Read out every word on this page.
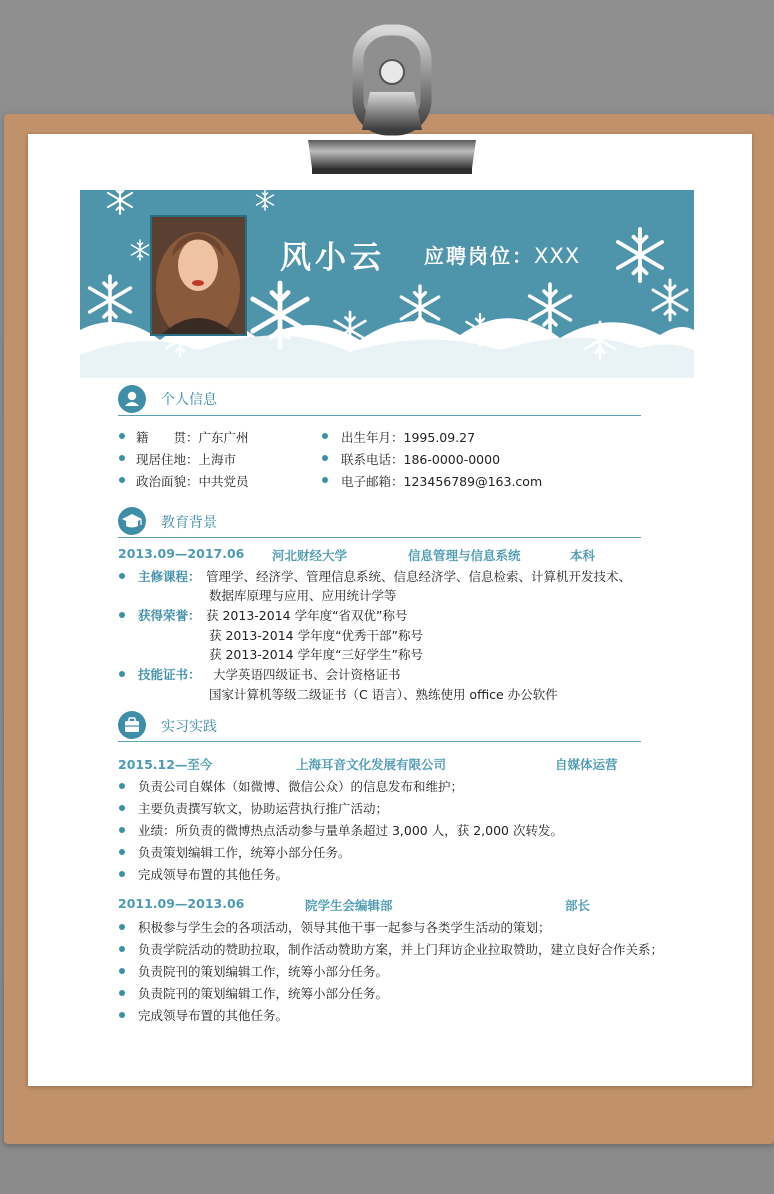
风小云 应聘岗位：XXX
个人信息
籍　　贯：广东广州
现居住地：上海市
政治面貌：中共党员
出生年月：1995.09.27
联系电话：186-0000-0000
电子邮箱：123456789@163.com
教育背景
2013.09—2017.06 河北财经大学	信息管理与信息系统	本科
主修课程： 管理学、经济学、管理信息系统、信息经济学、信息检索、计算机开发技术、
数据库原理与应用、应用统计学等
获得荣誉： 获 2013-2014 学年度“省双优”称号
获 2013-2014 学年度“优秀干部”称号
获 2013-2014 学年度“三好学生”称号
技能证书： 大学英语四级证书、会计资格证书
国家计算机等级二级证书（C 语言）、熟练使用 office 办公软件
实习实践
2015.12—至今	上海耳音文化发展有限公司	自媒体运营
负责公司自媒体（如微博、微信公众）的信息发布和维护；
主要负责撰写软文，协助运营执行推广活动；
业绩：所负责的微博热点活动参与量单条超过 3,000 人，获 2,000 次转发。
负责策划编辑工作，统筹小部分任务。
完成领导布置的其他任务。
2011.09—2013.06	院学生会编辑部	部长
积极参与学生会的各项活动，领导其他干事一起参与各类学生活动的策划；
负责学院活动的赞助拉取，制作活动赞助方案，并上门拜访企业拉取赞助，建立良好合作关系；
负责院刊的策划编辑工作，统筹小部分任务。
负责院刊的策划编辑工作，统筹小部分任务。
完成领导布置的其他任务。
